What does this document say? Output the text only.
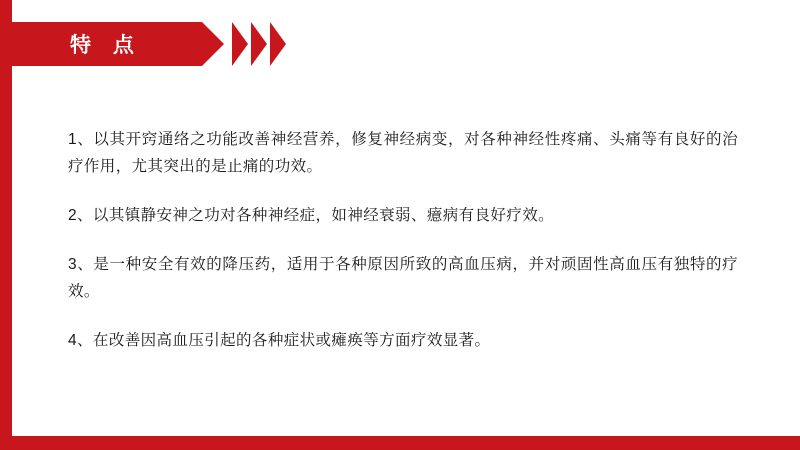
特 点

1、以其开窍通络之功能改善神经营养，修复神经病变，对各种神经性疼痛、头痛等有良好的治疗作用，尤其突出的是止痛的功效。

2、以其镇静安神之功对各种神经症，如神经衰弱、癔病有良好疗效。

3、是一种安全有效的降压药，适用于各种原因所致的高血压病，并对顽固性高血压有独特的疗效。

4、在改善因高血压引起的各种症状或瘫痪等方面疗效显著。
